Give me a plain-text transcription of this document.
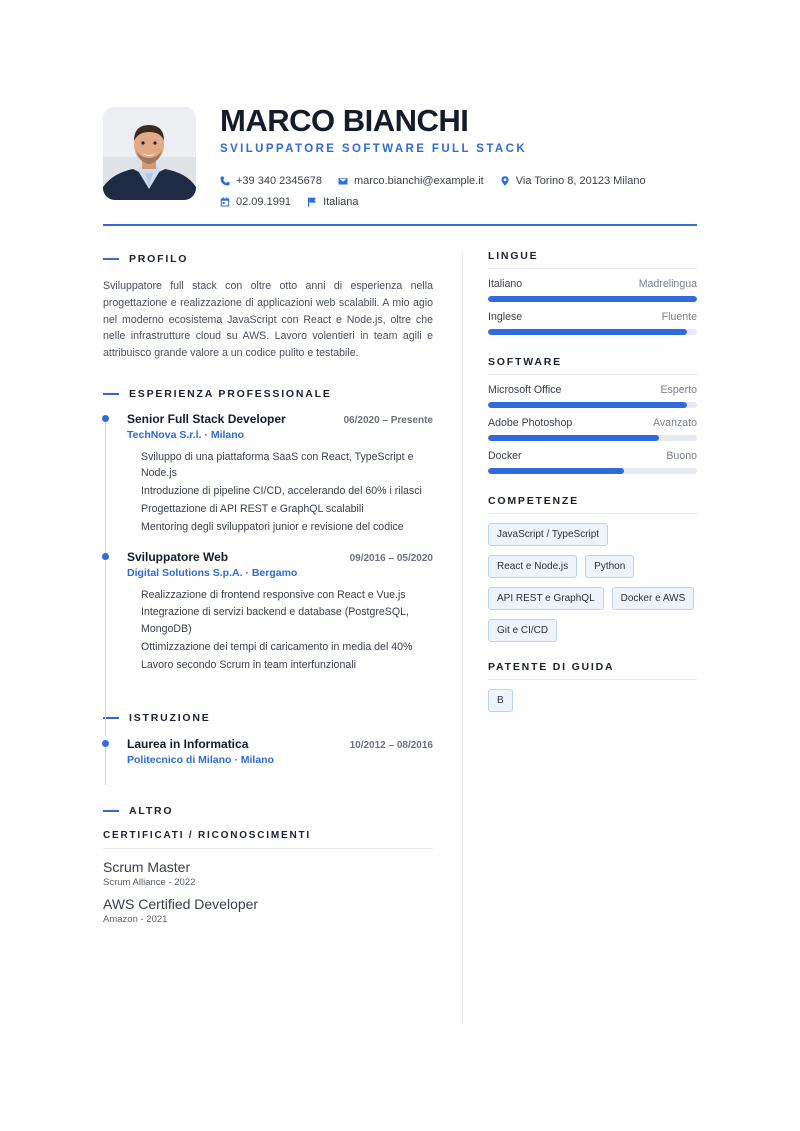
MARCO BIANCHI
SVILUPPATORE SOFTWARE FULL STACK
+39 340 2345678	marco.bianchi@example.it	Via Torino 8, 20123 Milano
02.09.1991	Italiana
PROFILO

Sviluppatore full stack con oltre otto anni di esperienza nella progettazione e realizzazione di applicazioni web scalabili. A mio agio nel moderno ecosistema JavaScript con React e Node.js, oltre che nelle infrastrutture cloud su AWS. Lavoro volentieri in team agili e attribuisco grande valore a un codice pulito e testabile.

ESPERIENZA PROFESSIONALE
Senior Full Stack Developer	06/2020 – Presente
TechNova S.r.l. · Milano
Sviluppo di una piattaforma SaaS con React, TypeScript e Node.js
Introduzione di pipeline CI/CD, accelerando del 60% i rilasci
Progettazione di API REST e GraphQL scalabili
Mentoring degli sviluppatori junior e revisione del codice
Sviluppatore Web	09/2016 – 05/2020
Digital Solutions S.p.A. · Bergamo
Realizzazione di frontend responsive con React e Vue.js
Integrazione di servizi backend e database (PostgreSQL, MongoDB)
Ottimizzazione dei tempi di caricamento in media del 40%
Lavoro secondo Scrum in team interfunzionali
ISTRUZIONE
Laurea in Informatica	10/2012 – 08/2016
Politecnico di Milano · Milano
ALTRO
CERTIFICATI / RICONOSCIMENTI
Scrum Master
Scrum Alliance - 2022
AWS Certified Developer
Amazon - 2021
LINGUE
Italiano	Madrelingua
Inglese	Fluente
SOFTWARE
Microsoft Office	Esperto
Adobe Photoshop	Avanzato
Docker	Buono
COMPETENZE
JavaScript / TypeScript
React e Node.js	Python
API REST e GraphQL	Docker e AWS
Git e CI/CD
PATENTE DI GUIDA
B
